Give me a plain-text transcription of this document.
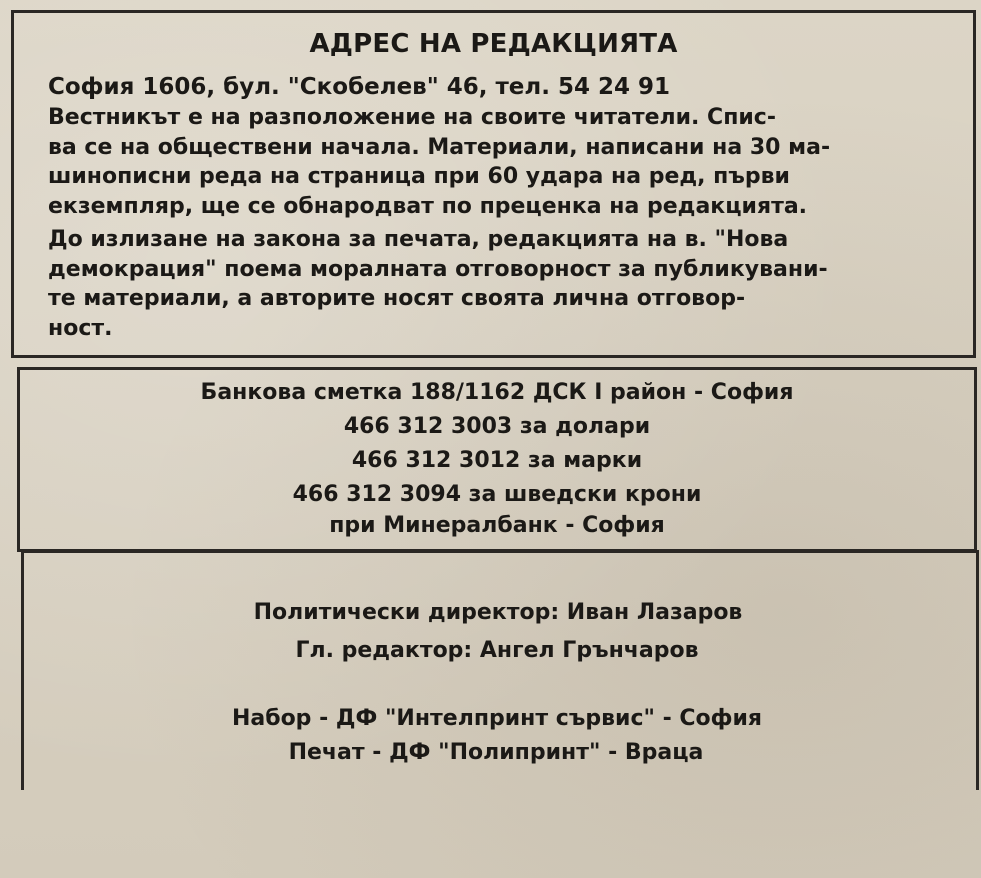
АДРЕС НА РЕДАКЦИЯТА
София 1606, бул. "Скобелев" 46, тел. 54 24 91
Вестникът е на разположение на своите читатели. Спис-
ва се на обществени начала. Материали, написани на 30 ма-
шинописни реда на страница при 60 удара на ред, първи
екземпляр, ще се обнародват по преценка на редакцията.
До излизане на закона за печата, редакцията на в. "Нова
демокрация" поема моралната отговорност за публикувани-
те материали, а авторите носят своята лична отговор-
ност.
Банкова сметка 188/1162 ДСК I район - София
466 312 3003 за долари
466 312 3012 за марки
466 312 3094 за шведски крони
при Минералбанк - София
Политически директор: Иван Лазаров
Гл. редактор: Ангел Грънчаров
Набор - ДФ "Интелпринт сървис" - София
Печат - ДФ "Полипринт" - Враца
